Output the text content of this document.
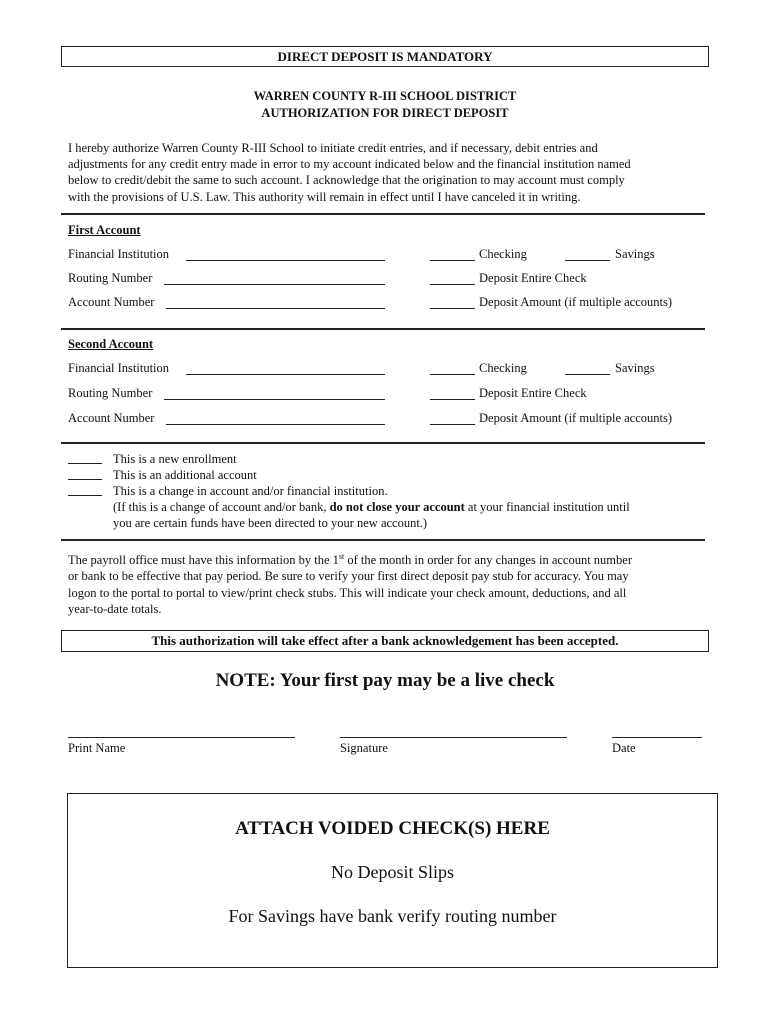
DIRECT DEPOSIT IS MANDATORY
WARREN COUNTY R-III SCHOOL DISTRICT
AUTHORIZATION FOR DIRECT DEPOSIT
I hereby authorize Warren County R-III School to initiate credit entries, and if necessary, debit entries and
adjustments for any credit entry made in error to my account indicated below and the financial institution named
below to credit/debit the same to such account. I acknowledge that the origination to may account must comply
with the provisions of U.S. Law. This authority will remain in effect until I have canceled it in writing.
First Account
Financial Institution	Checking	Savings
Routing Number	Deposit Entire Check
Account Number	Deposit Amount (if multiple accounts)
Second Account
Financial Institution	Checking	Savings
Routing Number	Deposit Entire Check
Account Number	Deposit Amount (if multiple accounts)
This is a new enrollment
This is an additional account
This is a change in account and/or financial institution.
(If this is a change of account and/or bank, do not close your account at your financial institution until
you are certain funds have been directed to your new account.)
The payroll office must have this information by the 1st of the month in order for any changes in account number
or bank to be effective that pay period. Be sure to verify your first direct deposit pay stub for accuracy. You may
logon to the portal to portal to view/print check stubs. This will indicate your check amount, deductions, and all
year-to-date totals.
This authorization will take effect after a bank acknowledgement has been accepted.
NOTE: Your first pay may be a live check
Print Name	Signature	Date
ATTACH VOIDED CHECK(S) HERE
No Deposit Slips
For Savings have bank verify routing number
